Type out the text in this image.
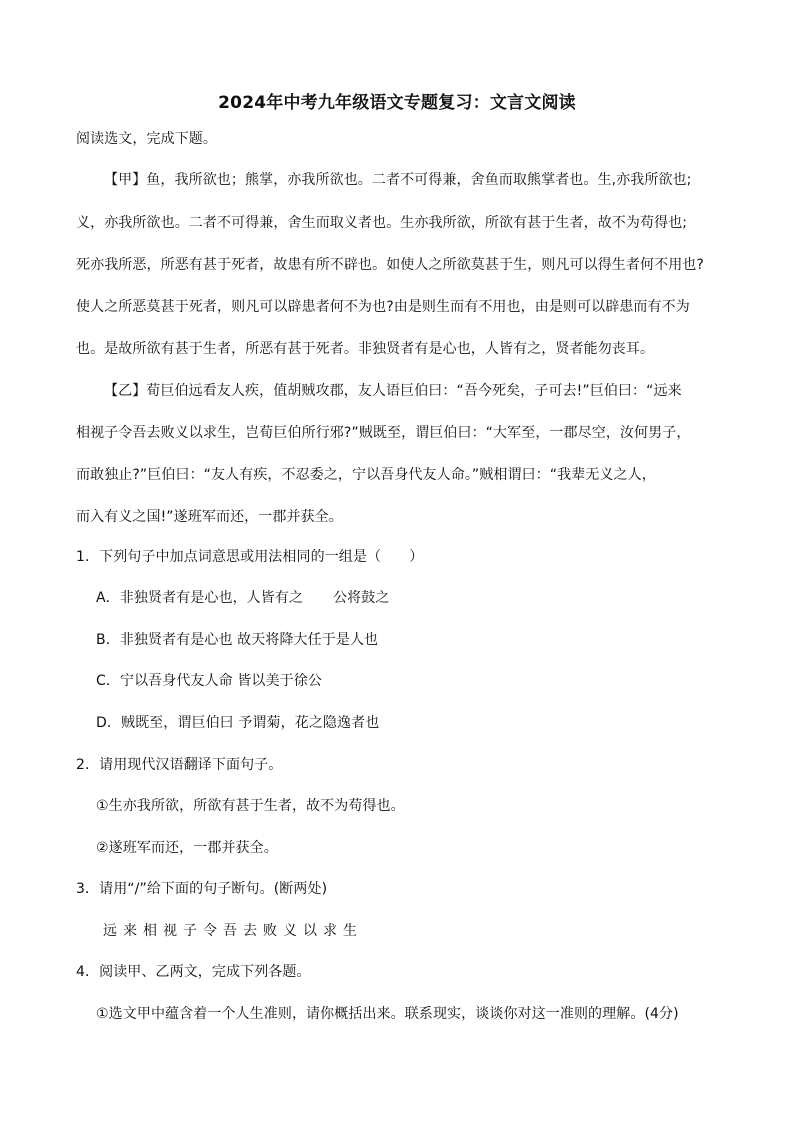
2024年中考九年级语文专题复习：文言文阅读
阅读选文，完成下题。
【甲】鱼，我所欲也；熊掌，亦我所欲也。二者不可得兼，舍鱼而取熊掌者也。生,亦我所欲也;
义，亦我所欲也。二者不可得兼，舍生而取义者也。生亦我所欲，所欲有甚于生者，故不为苟得也;
死亦我所恶，所恶有甚于死者，故患有所不辟也。如使人之所欲莫甚于生，则凡可以得生者何不用也?
使人之所恶莫甚于死者，则凡可以辟患者何不为也?由是则生而有不用也，由是则可以辟患而有不为
也。是故所欲有甚于生者，所恶有甚于死者。非独贤者有是心也，人皆有之，贤者能勿丧耳。
【乙】荀巨伯远看友人疾，值胡贼攻郡，友人语巨伯曰：“吾今死矣，子可去!”巨伯曰：“远来
相视子令吾去败义以求生，岂荀巨伯所行邪?”贼既至，谓巨伯曰：“大军至，一郡尽空，汝何男子，
而敢独止?”巨伯曰：“友人有疾，不忍委之，宁以吾身代友人命。”贼相谓曰：“我辈无义之人，
而入有义之国!”遂班军而还，一郡并获全。
1．下列句子中加点词意思或用法相同的一组是（　　）
A．非独贤者有是心也，人皆有之 公将鼓之
B．非独贤者有是心也 故天将降大任于是人也
C．宁以吾身代友人命 皆以美于徐公
D．贼既至，谓巨伯曰 予谓菊，花之隐逸者也
2．请用现代汉语翻译下面句子。
①生亦我所欲，所欲有甚于生者，故不为苟得也。
②遂班军而还，一郡并获全。
3．请用“/”给下面的句子断句。(断两处)
远来相视子令吾去败义以求生
4．阅读甲、乙两文，完成下列各题。
①选文甲中蕴含着一个人生准则，请你概括出来。联系现实，谈谈你对这一准则的理解。(4分)
